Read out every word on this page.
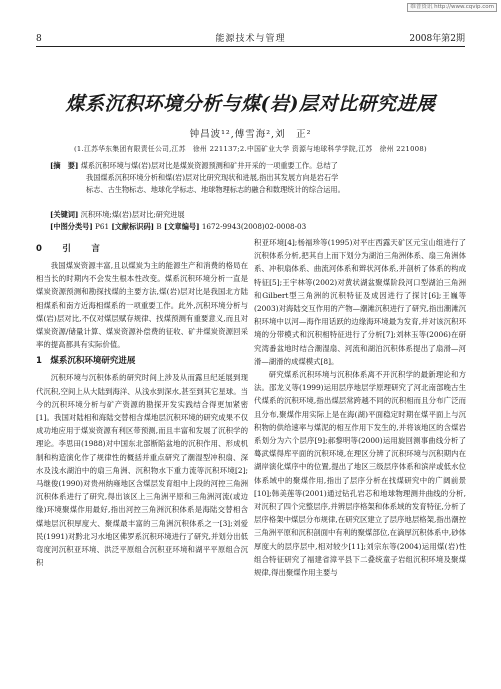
维普资讯 http://www.cqvip.com
8	能源技术与管理	2008年第2期
煤系沉积环境分析与煤(岩)层对比研究进展
钟昌波¹²,傅雪海²,刘　正²
(1.江苏华东集团有限责任公司,江苏　徐州 221137;2.中国矿业大学 资源与地球科学学院,江苏　徐州 221008)
[摘　要] 煤系沉积环境与煤(岩)层对比是煤炭资源预测和矿井开采的一项重要工作。总结了
我国煤系沉积环境分析和煤(岩)层对比研究现状和进展,指出其发展方向是岩石学
标志、古生物标志、地球化学标志、地球物理标志的融合和数理统计的综合运用。
[关键词] 沉积环境;煤(岩)层对比;研究进展
[中图分类号] P61 [文献标识码] B [文章编号] 1672-9943(2008)02-0008-03
0　引　言

我国煤炭资源丰富,且以煤炭为主的能源生产和消费的格局在相当长的时期内不会发生根本性改变。煤系沉积环境分析一直是煤炭资源预测和勘探找煤的主要方法,煤(岩)层对比是我国北方陆相煤系和南方近海相煤系的一项重要工作。此外,沉积环境分析与煤(岩)层对比,不仅对煤层赋存规律、找煤预测有重要意义,而且对煤炭资源/储量计算、煤炭资源补偿费的征收、矿井煤炭资源回采率的提高都具有实际价值。

1　煤系沉积环境研究进展

沉积环境与沉积体系的研究时间上涉及从而露旦纪延展到现代沉积,空间上从大陆到海洋、从浅水到深水,甚至到其它星球。当今的沉积环境分析与矿产资源的勘探开发实践结合得更加紧密[1]。我国对陆相和海陆交替相含煤地层沉积环境的研究成果不仅成功地应用于煤炭资源有利区带预测,而且丰富和发展了沉积学的理论。李思田(1988)对中国东北部断陷盆地的沉积作用、形成机制和构造演化作了规律性的概括并重点研究了潮湿型冲积扇、深水及浅水湖泊中的扇三角洲、沉积物水下重力流等沉积环境[2];马继俊(1990)对贵州纳雍地区含煤层发育组中上段的河控三角洲沉积体系进行了研究,得出该区上三角洲平原和三角洲河流(或边缘)环境聚煤作用最好,指出河控三角洲沉积体系是海陆交替相含煤地层沉积厚度大、聚煤最丰富的三角洲沉积体系之一[3];刘爱民(1991)对黔北习水地区佛罗系沉积环境进行了研究,并划分出低弯度河沉积亚环境、洪泛平原组合沉积亚环境和湖平平原组合沉积

积亚环境[4];杨福珍等(1995)对平庄西露天矿区元宝山组进行了沉积体系分析,把其自上而下划分为湖泊三角洲体系、扇三角洲体系、冲积扇体系、曲流河体系和辫状河体系,并剖析了体系的构成特征[5];王宇林等(2002)对黄状湖盆聚煤阶段河口型湖泊三角洲和Gilbert型三角洲的沉积特征及成因进行了探讨[6];王巍等(2003)对海陆交互作用的产物—潮滩沉积进行了研究,指出潮滩沉积环境中以河—海作用话跃的边缘海环境最为发育,并对该沉积环境的分带模式和沉积相特征进行了分析[7];刘林玉等(2006)在研究湾番盆地时结合潮湿扇、河流和湖泊沉积体系提出了扇滑—河滑—湖滑的成煤模式[8]。

研究煤系沉积环境与沉积体系离不开沉积学的最新理论和方法。邵龙义等(1999)运用层序地层学原理研究了河北南部晚古生代煤系的沉积环境,指出煤层常跨越不同的沉积相而且分布广泛而且分布,聚煤作用实际上是在海(湖)平面稳定时期在煤平面上与沉积物的供给速率与煤泥的相互作用下发生的,并将该地区的含煤岩系划分为六个层序[9];郝黎明等(2000)运用旋回测事曲线分析了蓦武煤得库平面的沉积环境,在理区分辨了沉积环境与沉积期内在湖岸演化煤序中的位置,提出了地区三级层序体系和滨岸或低水位体系域中的聚煤作用,指出了层序分析在找煤研究中的广阔前景[10];韩美莲等(2001)通过钻孔岩芯和地球物理测井曲线的分析,对沉积了四个完整层序,并辨层序格架和体系域的发育特征,分析了层序格架中煤层分布规律,在研究区建立了层序地层格架,指出潮控三角洲平原和沉积剖面中有利的聚煤部位,在滴厚沉积体系中,砂体厚度大的层序层中,相对较少[11];刘宗东等(2004)运用煤(岩)性组合特征研究了福建省漳平县下二叠统童子岩组沉积环境及聚煤规律,得出聚煤作用主要与
